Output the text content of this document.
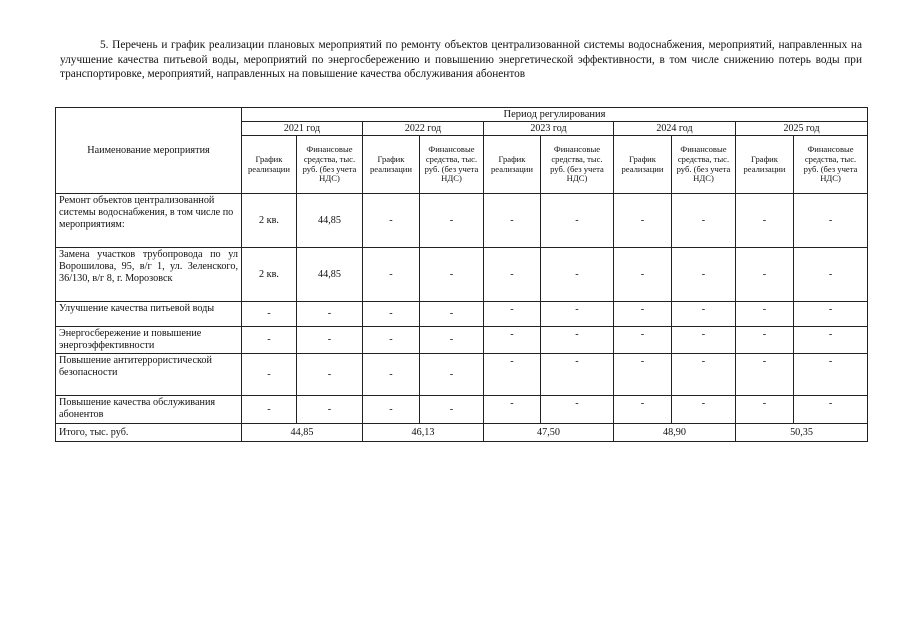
5. Перечень и график реализации плановых мероприятий по ремонту объектов централизованной системы водоснабжения, мероприятий, направленных на улучшение качества питьевой воды, мероприятий по энергосбережению и повышению энергетической эффективности, в том числе снижению потерь воды при транспортировке, мероприятий, направленных на повышение качества обслуживания абонентов

Наименование мероприятия	Период регулирования									
	2021 год		2022 год		2023 год		2024 год		2025 год	
	График реализации	Финансовые средства, тыс. руб. (без учета НДС)	График реализации	Финансовые средства, тыс. руб. (без учета НДС)	График реализации	Финансовые средства, тыс. руб. (без учета НДС)	График реализации	Финансовые средства, тыс. руб. (без учета НДС)	График реализации	Финансовые средства, тыс. руб. (без учета НДС)
Ремонт объектов централизованной системы водоснабжения, в том числе по мероприятиям:	2 кв.	44,85	-	-	-	-	-	-	-	-
Замена участков трубопровода по ул Ворошилова, 95, в/г 1, ул. Зеленского, 36/130, в/г 8, г. Морозовск	2 кв.	44,85	-	-	-	-	-	-	-	-
Улучшение качества питьевой воды	-	-	-	-	-	-	-	-	-	-
Энергосбережение и повышение энергоэффективности	-	-	-	-	-	-	-	-	-	-
Повышение антитеррористической безопасности	-	-	-	-	-	-	-	-	-	-
Повышение качества обслуживания абонентов	-	-	-	-	-	-	-	-	-	-
Итого, тыс. руб.	44,85		46,13		47,50		48,90		50,35	
